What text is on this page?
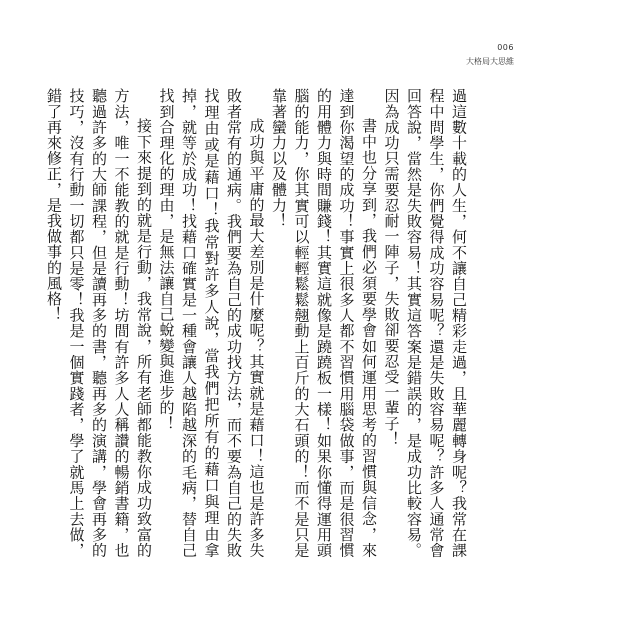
006
大格局大思維

過這數十載的人生，何不讓自己精彩走過，且華麗轉身呢？我常在課程中問學生，你們覺得成功容易呢？還是失敗容易呢？許多人通常會回答說，當然是失敗容易！其實這答案是錯誤的，是成功比較容易。因為成功只需要忍耐一陣子，失敗卻要忍受一輩子！

書中也分享到，我們必須要學會如何運用思考的習慣與信念，來達到你渴望的成功！事實上很多人都不習慣用腦袋做事，而是很習慣的用體力與時間賺錢！其實這就像是蹺蹺板一樣！如果你懂得運用頭腦的能力，你其實可以輕輕鬆鬆翹動上百斤的大石頭的！而不是只是靠著蠻力以及體力！

成功與平庸的最大差別是什麼呢？其實就是藉口！這也是許多失敗者常有的通病。我們要為自己的成功找方法，而不要為自己的失敗找理由或是藉口！我常對許多人說，當我們把所有的藉口與理由拿掉，就等於成功！找藉口確實是一種會讓人越陷越深的毛病，替自己找到合理化的理由，是無法讓自己蛻變與進步的！

接下來提到的就是行動，我常說，所有老師都能教你成功致富的方法，唯一不能教的就是行動！坊間有許多人人稱讚的暢銷書籍，也聽過許多的大師課程，但是讀再多的書，聽再多的演講，學會再多的技巧，沒有行動一切都只是零！我是一個實踐者，學了就馬上去做，錯了再來修正，是我做事的風格！
